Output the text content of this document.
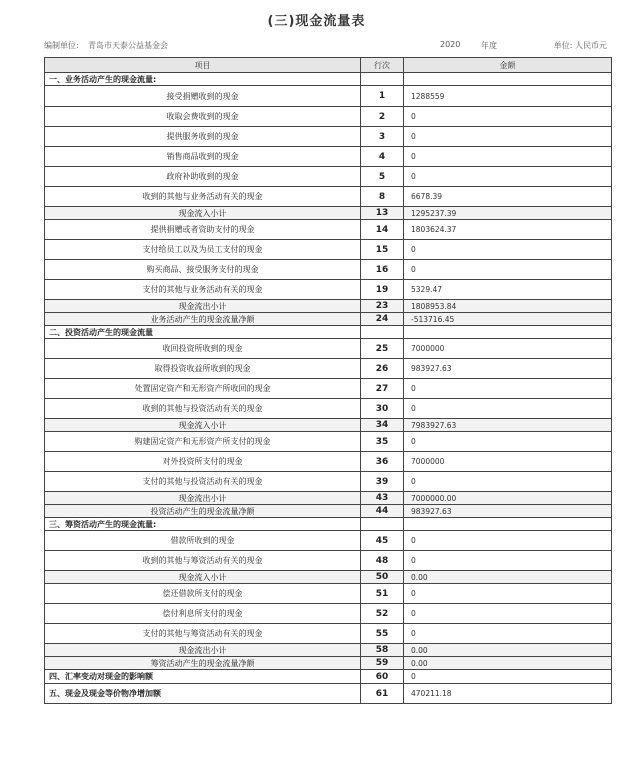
(三)现金流量表
编制单位: 青岛市天泰公益基金会	2020	年度	单位: 人民币元
项目	行次	金额
一、业务活动产生的现金流量:		
接受捐赠收到的现金	1	1288559
收取会费收到的现金	2	0
提供服务收到的现金	3	0
销售商品收到的现金	4	0
政府补助收到的现金	5	0
收到的其他与业务活动有关的现金	8	6678.39
现金流入小计	13	1295237.39
提供捐赠或者资助支付的现金	14	1803624.37
支付给员工以及为员工支付的现金	15	0
购买商品、接受服务支付的现金	16	0
支付的其他与业务活动有关的现金	19	5329.47
现金流出小计	23	1808953.84
业务活动产生的现金流量净额	24	-513716.45
二、投资活动产生的现金流量		
收回投资所收到的现金	25	7000000
取得投资收益所收到的现金	26	983927.63
处置固定资产和无形资产所收回的现金	27	0
收到的其他与投资活动有关的现金	30	0
现金流入小计	34	7983927.63
购建固定资产和无形资产所支付的现金	35	0
对外投资所支付的现金	36	7000000
支付的其他与投资活动有关的现金	39	0
现金流出小计	43	7000000.00
投资活动产生的现金流量净额	44	983927.63
三、筹资活动产生的现金流量:		
借款所收到的现金	45	0
收到的其他与筹资活动有关的现金	48	0
现金流入小计	50	0.00
偿还借款所支付的现金	51	0
偿付利息所支付的现金	52	0
支付的其他与筹资活动有关的现金	55	0
现金流出小计	58	0.00
筹资活动产生的现金流量净额	59	0.00
四、汇率变动对现金的影响额	60	0
五、现金及现金等价物净增加额	61	470211.18
